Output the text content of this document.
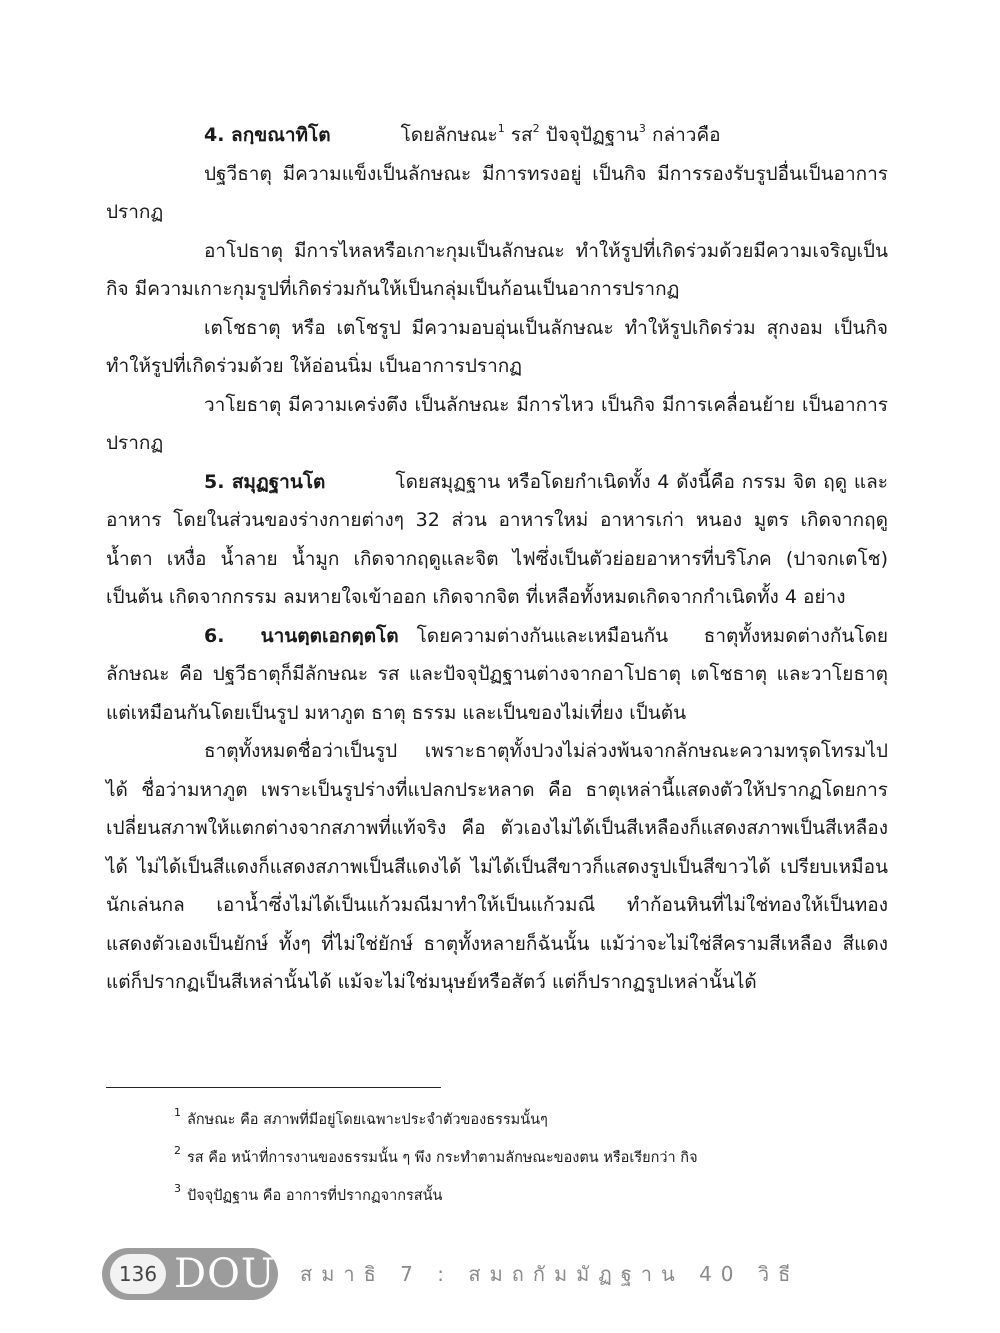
4. ลกฺขณาทิโต	โดยลักษณะ$^1$ รส$^2$ ปัจจุปัฏฐาน$^3$ กล่าวคือ

ปฐวีธาตุ มีความแข็งเป็นลักษณะ มีการทรงอยู่ เป็นกิจ มีการรองรับรูปอื่นเป็นอาการปรากฏ

อาโปธาตุ มีการไหลหรือเกาะกุมเป็นลักษณะ ทำให้รูปที่เกิดร่วมด้วยมีความเจริญเป็นกิจ มีความเกาะกุมรูปที่เกิดร่วมกันให้เป็นกลุ่มเป็นก้อนเป็นอาการปรากฏ

เตโชธาตุ หรือ เตโชรูป มีความอบอุ่นเป็นลักษณะ ทำให้รูปเกิดร่วม สุกงอม เป็นกิจ ทำให้รูปที่เกิดร่วมด้วย ให้อ่อนนิ่ม เป็นอาการปรากฏ

วาโยธาตุ มีความเคร่งตึง เป็นลักษณะ มีการไหว เป็นกิจ มีการเคลื่อนย้าย เป็นอาการปรากฏ

5. สมุฏฐานโต	โดยสมุฏฐาน หรือโดยกำเนิดทั้ง 4 ดังนี้คือ กรรม จิต ฤดู และอาหาร โดยในส่วนของร่างกายต่างๆ 32 ส่วน อาหารใหม่ อาหารเก่า หนอง มูตร เกิดจากฤดู น้ำตา เหงื่อ น้ำลาย น้ำมูก เกิดจากฤดูและจิต ไฟซึ่งเป็นตัวย่อยอาหารที่บริโภค (ปาจกเตโช) เป็นต้น เกิดจากกรรม ลมหายใจเข้าออก เกิดจากจิต ที่เหลือทั้งหมดเกิดจากกำเนิดทั้ง 4 อย่าง

6. นานตฺตเอกตฺตโต โดยความต่างกันและเหมือนกัน ธาตุทั้งหมดต่างกันโดยลักษณะ คือ ปฐวีธาตุก็มีลักษณะ รส และปัจจุปัฏฐานต่างจากอาโปธาตุ เตโชธาตุ และวาโยธาตุ แต่เหมือนกันโดยเป็นรูป มหาภูต ธาตุ ธรรม และเป็นของไม่เที่ยง เป็นต้น

ธาตุทั้งหมดชื่อว่าเป็นรูป เพราะธาตุทั้งปวงไม่ล่วงพ้นจากลักษณะความทรุดโทรมไปได้ ชื่อว่ามหาภูต เพราะเป็นรูปร่างที่แปลกประหลาด คือ ธาตุเหล่านี้แสดงตัวให้ปรากฏโดยการเปลี่ยนสภาพให้แตกต่างจากสภาพที่แท้จริง คือ ตัวเองไม่ได้เป็นสีเหลืองก็แสดงสภาพเป็นสีเหลืองได้ ไม่ได้เป็นสีแดงก็แสดงสภาพเป็นสีแดงได้ ไม่ได้เป็นสีขาวก็แสดงรูปเป็นสีขาวได้ เปรียบเหมือนนักเล่นกล เอาน้ำซึ่งไม่ได้เป็นแก้วมณีมาทำให้เป็นแก้วมณี ทำก้อนหินที่ไม่ใช่ทองให้เป็นทอง แสดงตัวเองเป็นยักษ์ ทั้งๆ ที่ไม่ใช่ยักษ์ ธาตุทั้งหลายก็ฉันนั้น แม้ว่าจะไม่ใช่สีครามสีเหลือง สีแดง แต่ก็ปรากฏเป็นสีเหล่านั้นได้ แม้จะไม่ใช่มนุษย์หรือสัตว์ แต่ก็ปรากฏรูปเหล่านั้นได้

$^1$ ลักษณะ คือ สภาพที่มีอยู่โดยเฉพาะประจำตัวของธรรมนั้นๆ
$^2$ รส คือ หน้าที่การงานของธรรมนั้น ๆ พึง กระทำตามลักษณะของตน หรือเรียกว่า กิจ
$^3$ ปัจจุปัฏฐาน คือ อาการที่ปรากฏจากรสนั้น
136 DOU สมาธิ 7 : สมถกัมมัฏฐาน 40 วิธี
